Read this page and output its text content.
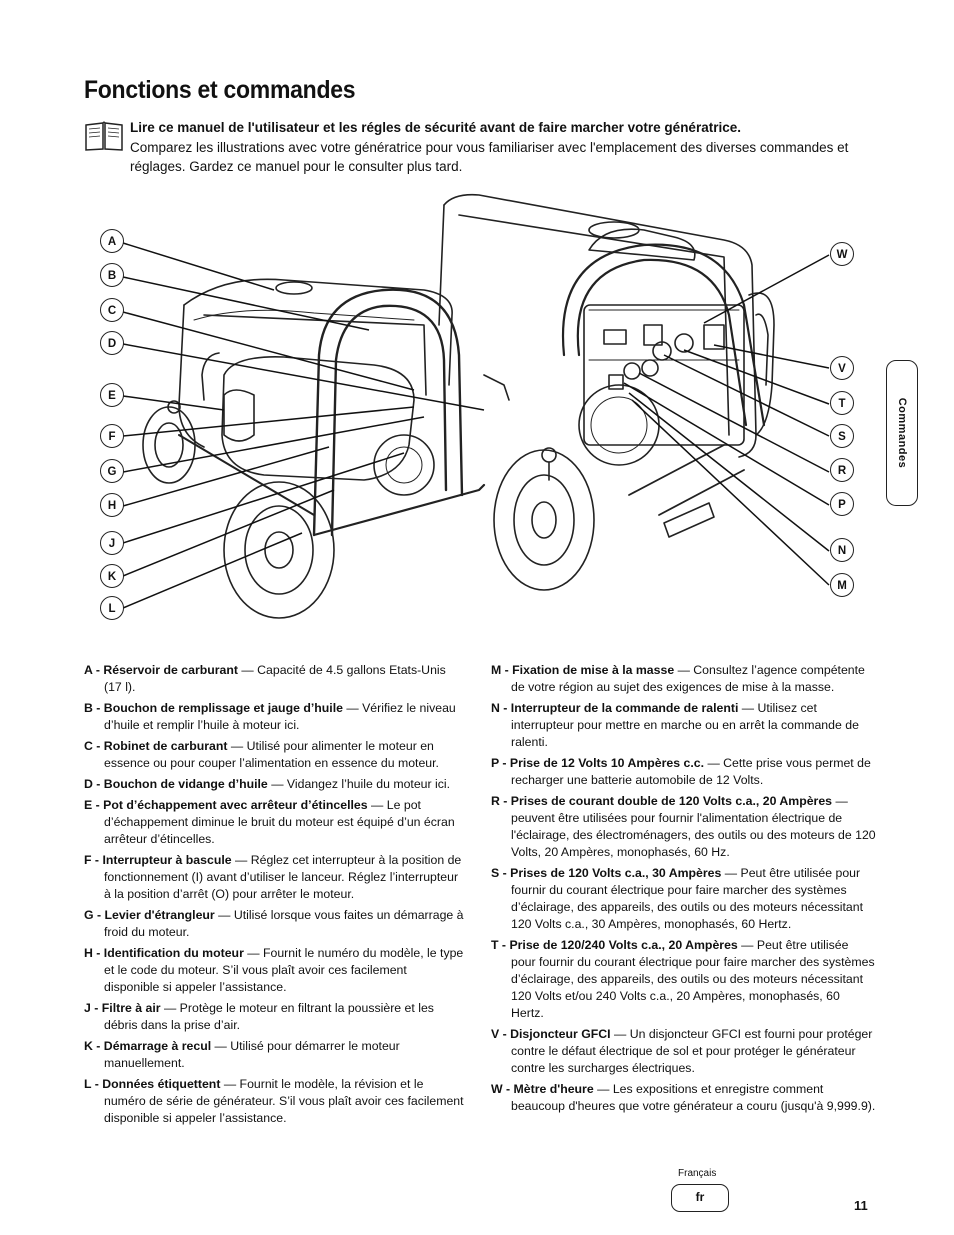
Fonctions et commandes
Lire ce manuel de l'utilisateur et les régles de sécurité avant de faire marcher votre génératrice.
Comparez les illustrations avec votre génératrice pour vous familiariser avec l'emplacement des diverses commandes et réglages. Gardez ce manuel pour le consulter plus tard.
A
B
C
D
E
F
G
H
J
K
L
W
V
T
S
R
P
N
M

A - Réservoir de carburant — Capacité de 4.5 gallons Etats-Unis (17 l).

B - Bouchon de remplissage et jauge d’huile — Vérifiez le niveau d’huile et remplir l’huile à moteur ici.

C - Robinet de carburant — Utilisé pour alimenter le moteur en essence ou pour couper l’alimentation en essence du moteur.

D - Bouchon de vidange d’huile — Vidangez l’huile du moteur ici.

E - Pot d’échappement avec arrêteur d’étincelles — Le pot d’échappement diminue le bruit du moteur est équipé d’un écran arrêteur d’étincelles.

F - Interrupteur à bascule — Réglez cet interrupteur à la position de fonctionnement (I) avant d’utiliser le lanceur. Réglez l’interrupteur à la position d’arrêt (O) pour arrêter le moteur.

G - Levier d'étrangleur — Utilisé lorsque vous faites un démarrage à froid du moteur.

H - Identification du moteur — Fournit le numéro du modèle, le type et le code du moteur. S’il vous plaît avoir ces facilement disponible si appeler l’assistance.

J - Filtre à air — Protège le moteur en filtrant la poussière et les débris dans la prise d’air.

K - Démarrage à recul — Utilisé pour démarrer le moteur manuellement.

L - Données étiquettent — Fournit le modèle, la révision et le numéro de série de générateur. S’il vous plaît avoir ces facilement disponible si appeler l’assistance.

M - Fixation de mise à la masse — Consultez l’agence compétente de votre région au sujet des exigences de mise à la masse.

N - Interrupteur de la commande de ralenti — Utilisez cet interrupteur pour mettre en marche ou en arrêt la commande de ralenti.

P - Prise de 12 Volts 10 Ampères c.c. — Cette prise vous permet de recharger une batterie automobile de 12 Volts.

R - Prises de courant double de 120 Volts c.a., 20 Ampères — peuvent être utilisées pour fournir l'alimentation électrique de l'éclairage, des électroménagers, des outils ou des moteurs de 120 Volts, 20 Ampères, monophasés, 60 Hz.

S - Prises de 120 Volts c.a., 30 Ampères — Peut être utilisée pour fournir du courant électrique pour faire marcher des systèmes d’éclairage, des appareils, des outils ou des moteurs nécessitant 120 Volts c.a., 30 Ampères, monophasés, 60 Hertz.

T - Prise de 120/240 Volts c.a., 20 Ampères — Peut être utilisée pour fournir du courant électrique pour faire marcher des systèmes d’éclairage, des appareils, des outils ou des moteurs nécessitant 120 Volts et/ou 240 Volts c.a., 20 Ampères, monophasés, 60 Hertz.

V - Disjoncteur GFCI — Un disjoncteur GFCI est fourni pour protéger contre le défaut électrique de sol et pour protéger le générateur contre les surcharges électriques.

W - Mètre d'heure — Les expositions et enregistre comment beaucoup d'heures que votre générateur a couru (jusqu'à 9,999.9).

Commandes
Français
fr
11
